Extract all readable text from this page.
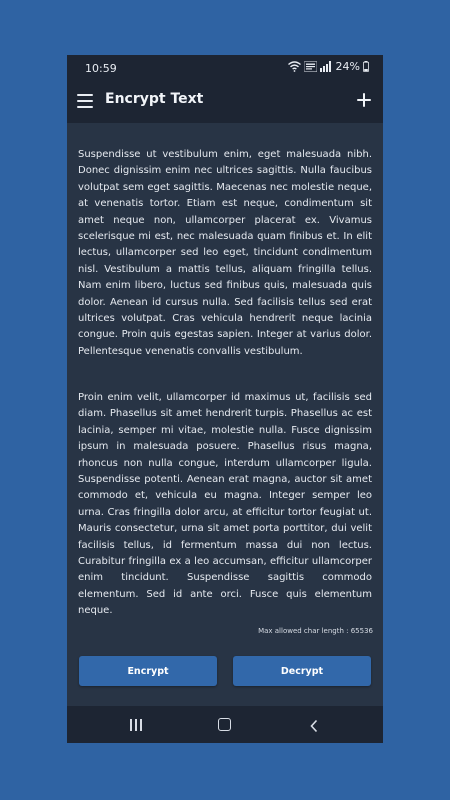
10:59	24%
Encrypt Text

Suspendisse ut vestibulum enim, eget malesuada nibh. Donec dignissim enim nec ultrices sagittis. Nulla faucibus volutpat sem eget sagittis. Maecenas nec molestie neque, at venenatis tortor. Etiam est neque, condimentum sit amet neque non, ullamcorper placerat ex. Vivamus scelerisque mi est, nec malesuada quam finibus et. In elit lectus, ullamcorper sed leo eget, tincidunt condimentum nisl. Vestibulum a mattis tellus, aliquam fringilla tellus. Nam enim libero, luctus sed finibus quis, malesuada quis dolor. Aenean id cursus nulla. Sed facilisis tellus sed erat ultrices volutpat. Cras vehicula hendrerit neque lacinia congue. Proin quis egestas sapien. Integer at varius dolor. Pellentesque venenatis convallis vestibulum.

Proin enim velit, ullamcorper id maximus ut, facilisis sed diam. Phasellus sit amet hendrerit turpis. Phasellus ac est lacinia, semper mi vitae, molestie nulla. Fusce dignissim ipsum in malesuada posuere. Phasellus risus magna, rhoncus non nulla congue, interdum ullamcorper ligula. Suspendisse potenti. Aenean erat magna, auctor sit amet commodo et, vehicula eu magna. Integer semper leo urna. Cras fringilla dolor arcu, at efficitur tortor feugiat ut. Mauris consectetur, urna sit amet porta porttitor, dui velit facilisis tellus, id fermentum massa dui non lectus. Curabitur fringilla ex a leo accumsan, efficitur ullamcorper enim tincidunt. Suspendisse sagittis commodo elementum. Sed id ante orci. Fusce quis elementum neque.

Max allowed char length : 65536
Encrypt	Decrypt
